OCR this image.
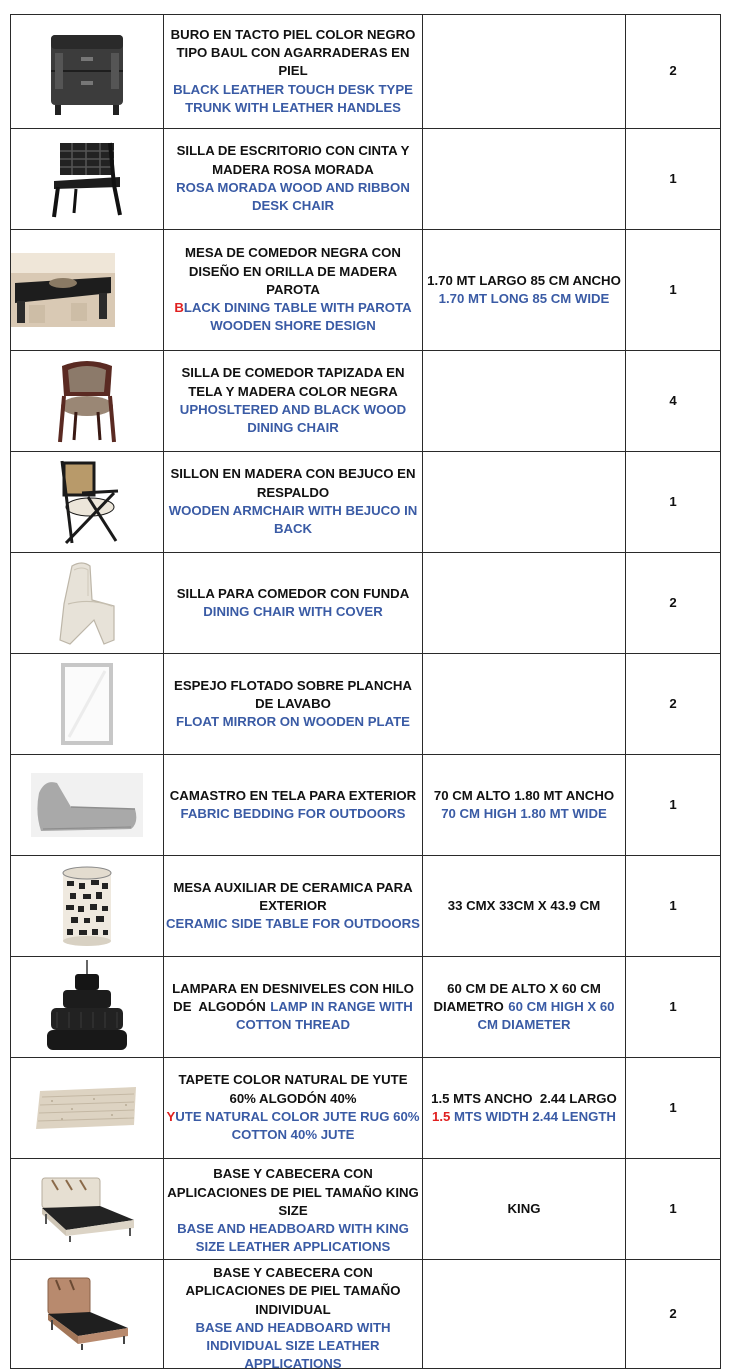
BURO EN TACTO PIEL COLOR NEGRO TIPO BAUL CON AGARRADERAS EN PIEL
BLACK LEATHER TOUCH DESK TYPE TRUNK WITH LEATHER HANDLES		2

SILLA DE ESCRITORIO CON CINTA Y   MADERA ROSA MORADA
ROSA MORADA WOOD AND RIBBON DESK CHAIR		1

MESA DE COMEDOR NEGRA CON DISEÑO EN ORILLA DE MADERA PAROTA
BLACK DINING TABLE WITH PAROTA WOODEN SHORE DESIGN	1.70 MT LARGO 85 CM ANCHO
1.70 MT LONG 85 CM WIDE	1

SILLA DE COMEDOR TAPIZADA EN TELA Y MADERA COLOR NEGRA
UPHOSLTERED AND BLACK WOOD DINING CHAIR		4

SILLON EN MADERA CON BEJUCO EN RESPALDO
WOODEN ARMCHAIR WITH BEJUCO IN BACK		1

SILLA PARA COMEDOR CON FUNDA
DINING CHAIR WITH COVER		2

ESPEJO FLOTADO SOBRE PLANCHA DE LAVABO
FLOAT MIRROR ON WOODEN PLATE		2

CAMASTRO EN TELA PARA EXTERIOR
FABRIC BEDDING FOR OUTDOORS	70 CM ALTO 1.80 MT ANCHO
70 CM HIGH 1.80 MT WIDE	1

MESA AUXILIAR DE CERAMICA PARA EXTERIOR
CERAMIC SIDE TABLE FOR OUTDOORS	33 CMX 33CM X 43.9 CM	1

	LAMPARA EN DESNIVELES CON HILO DE  ALGODÓN LAMP IN RANGE WITH COTTON THREAD	60 CM DE ALTO X 60 CM DIAMETRO 60 CM HIGH X 60 CM DIAMETER	1

TAPETE COLOR NATURAL DE YUTE 60% ALGODÓN 40%
YUTE NATURAL COLOR JUTE RUG 60% COTTON 40% JUTE	1.5 MTS ANCHO  2.44 LARGO
1.5 MTS WIDTH 2.44 LENGTH	1

BASE Y CABECERA CON APLICACIONES DE PIEL TAMAÑO KING SIZE
BASE AND HEADBOARD WITH KING SIZE LEATHER APPLICATIONS	KING	1

BASE Y CABECERA CON APLICACIONES DE PIEL TAMAÑO INDIVIDUAL
BASE AND HEADBOARD WITH INDIVIDUAL SIZE LEATHER APPLICATIONS		2
